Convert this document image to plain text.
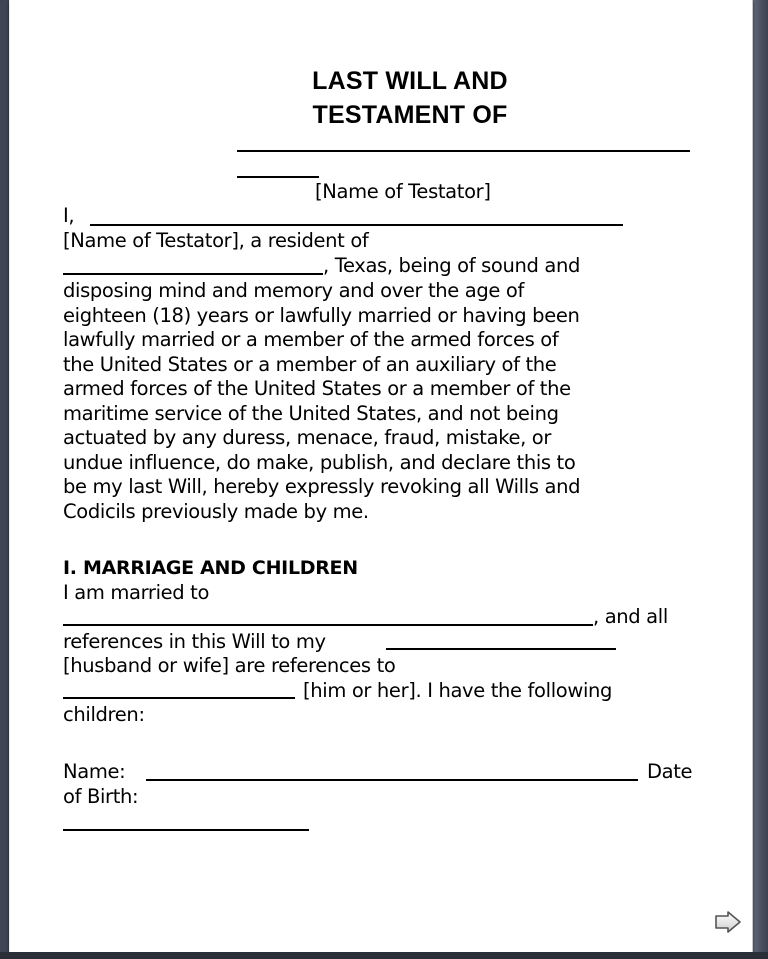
LAST WILL AND
TESTAMENT OF
[Name of Testator]
I,
[Name of Testator], a resident of
, Texas, being of sound and
disposing mind and memory and over the age of
eighteen (18) years or lawfully married or having been
lawfully married or a member of the armed forces of
the United States or a member of an auxiliary of the
armed forces of the United States or a member of the
maritime service of the United States, and not being
actuated by any duress, menace, fraud, mistake, or
undue influence, do make, publish, and declare this to
be my last Will, hereby expressly revoking all Wills and
Codicils previously made by me.
I. MARRIAGE AND CHILDREN
I am married to
, and all
references in this Will to my
[husband or wife] are references to
[him or her]. I have the following
children:
Name:	Date
of Birth:
